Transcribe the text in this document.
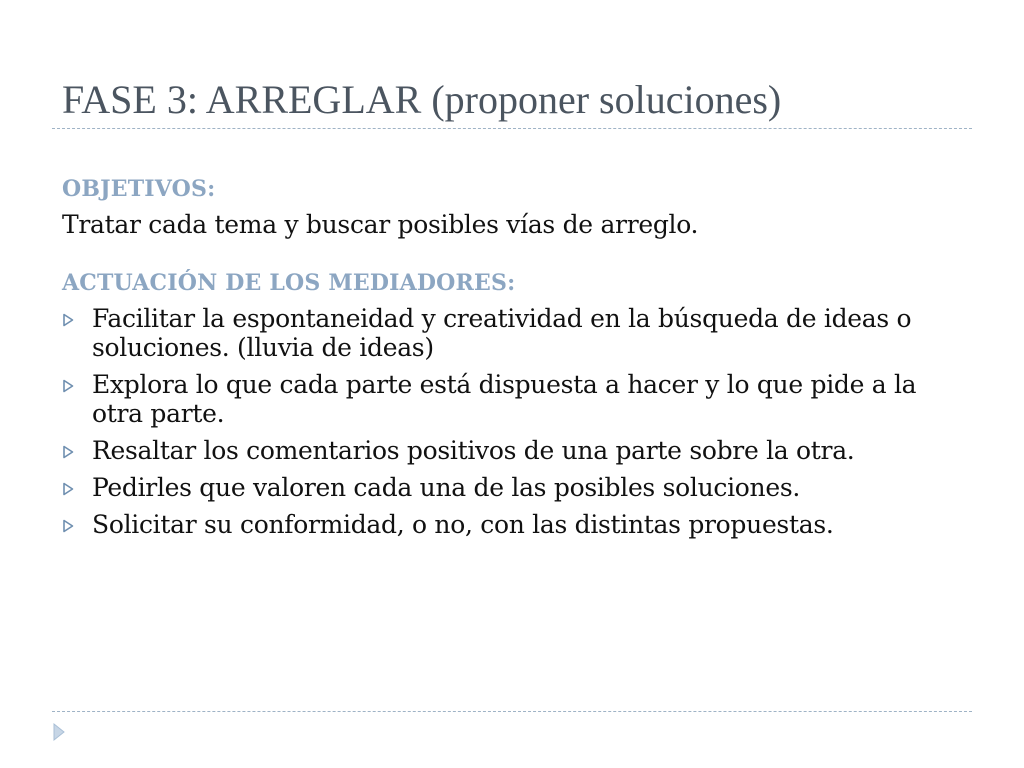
FASE 3: ARREGLAR (proponer soluciones)
OBJETIVOS:

Tratar cada tema y buscar posibles vías de arreglo.

ACTUACIÓN DE LOS MEDIADORES:
Facilitar la espontaneidad y creatividad en la búsqueda de ideas o soluciones. (lluvia de ideas)
Explora lo que cada parte está dispuesta a hacer y lo que pide a la otra parte.
Resaltar los comentarios positivos de una parte sobre la otra.
Pedirles que valoren cada una de las posibles soluciones.
Solicitar su conformidad, o no, con las distintas propuestas.
